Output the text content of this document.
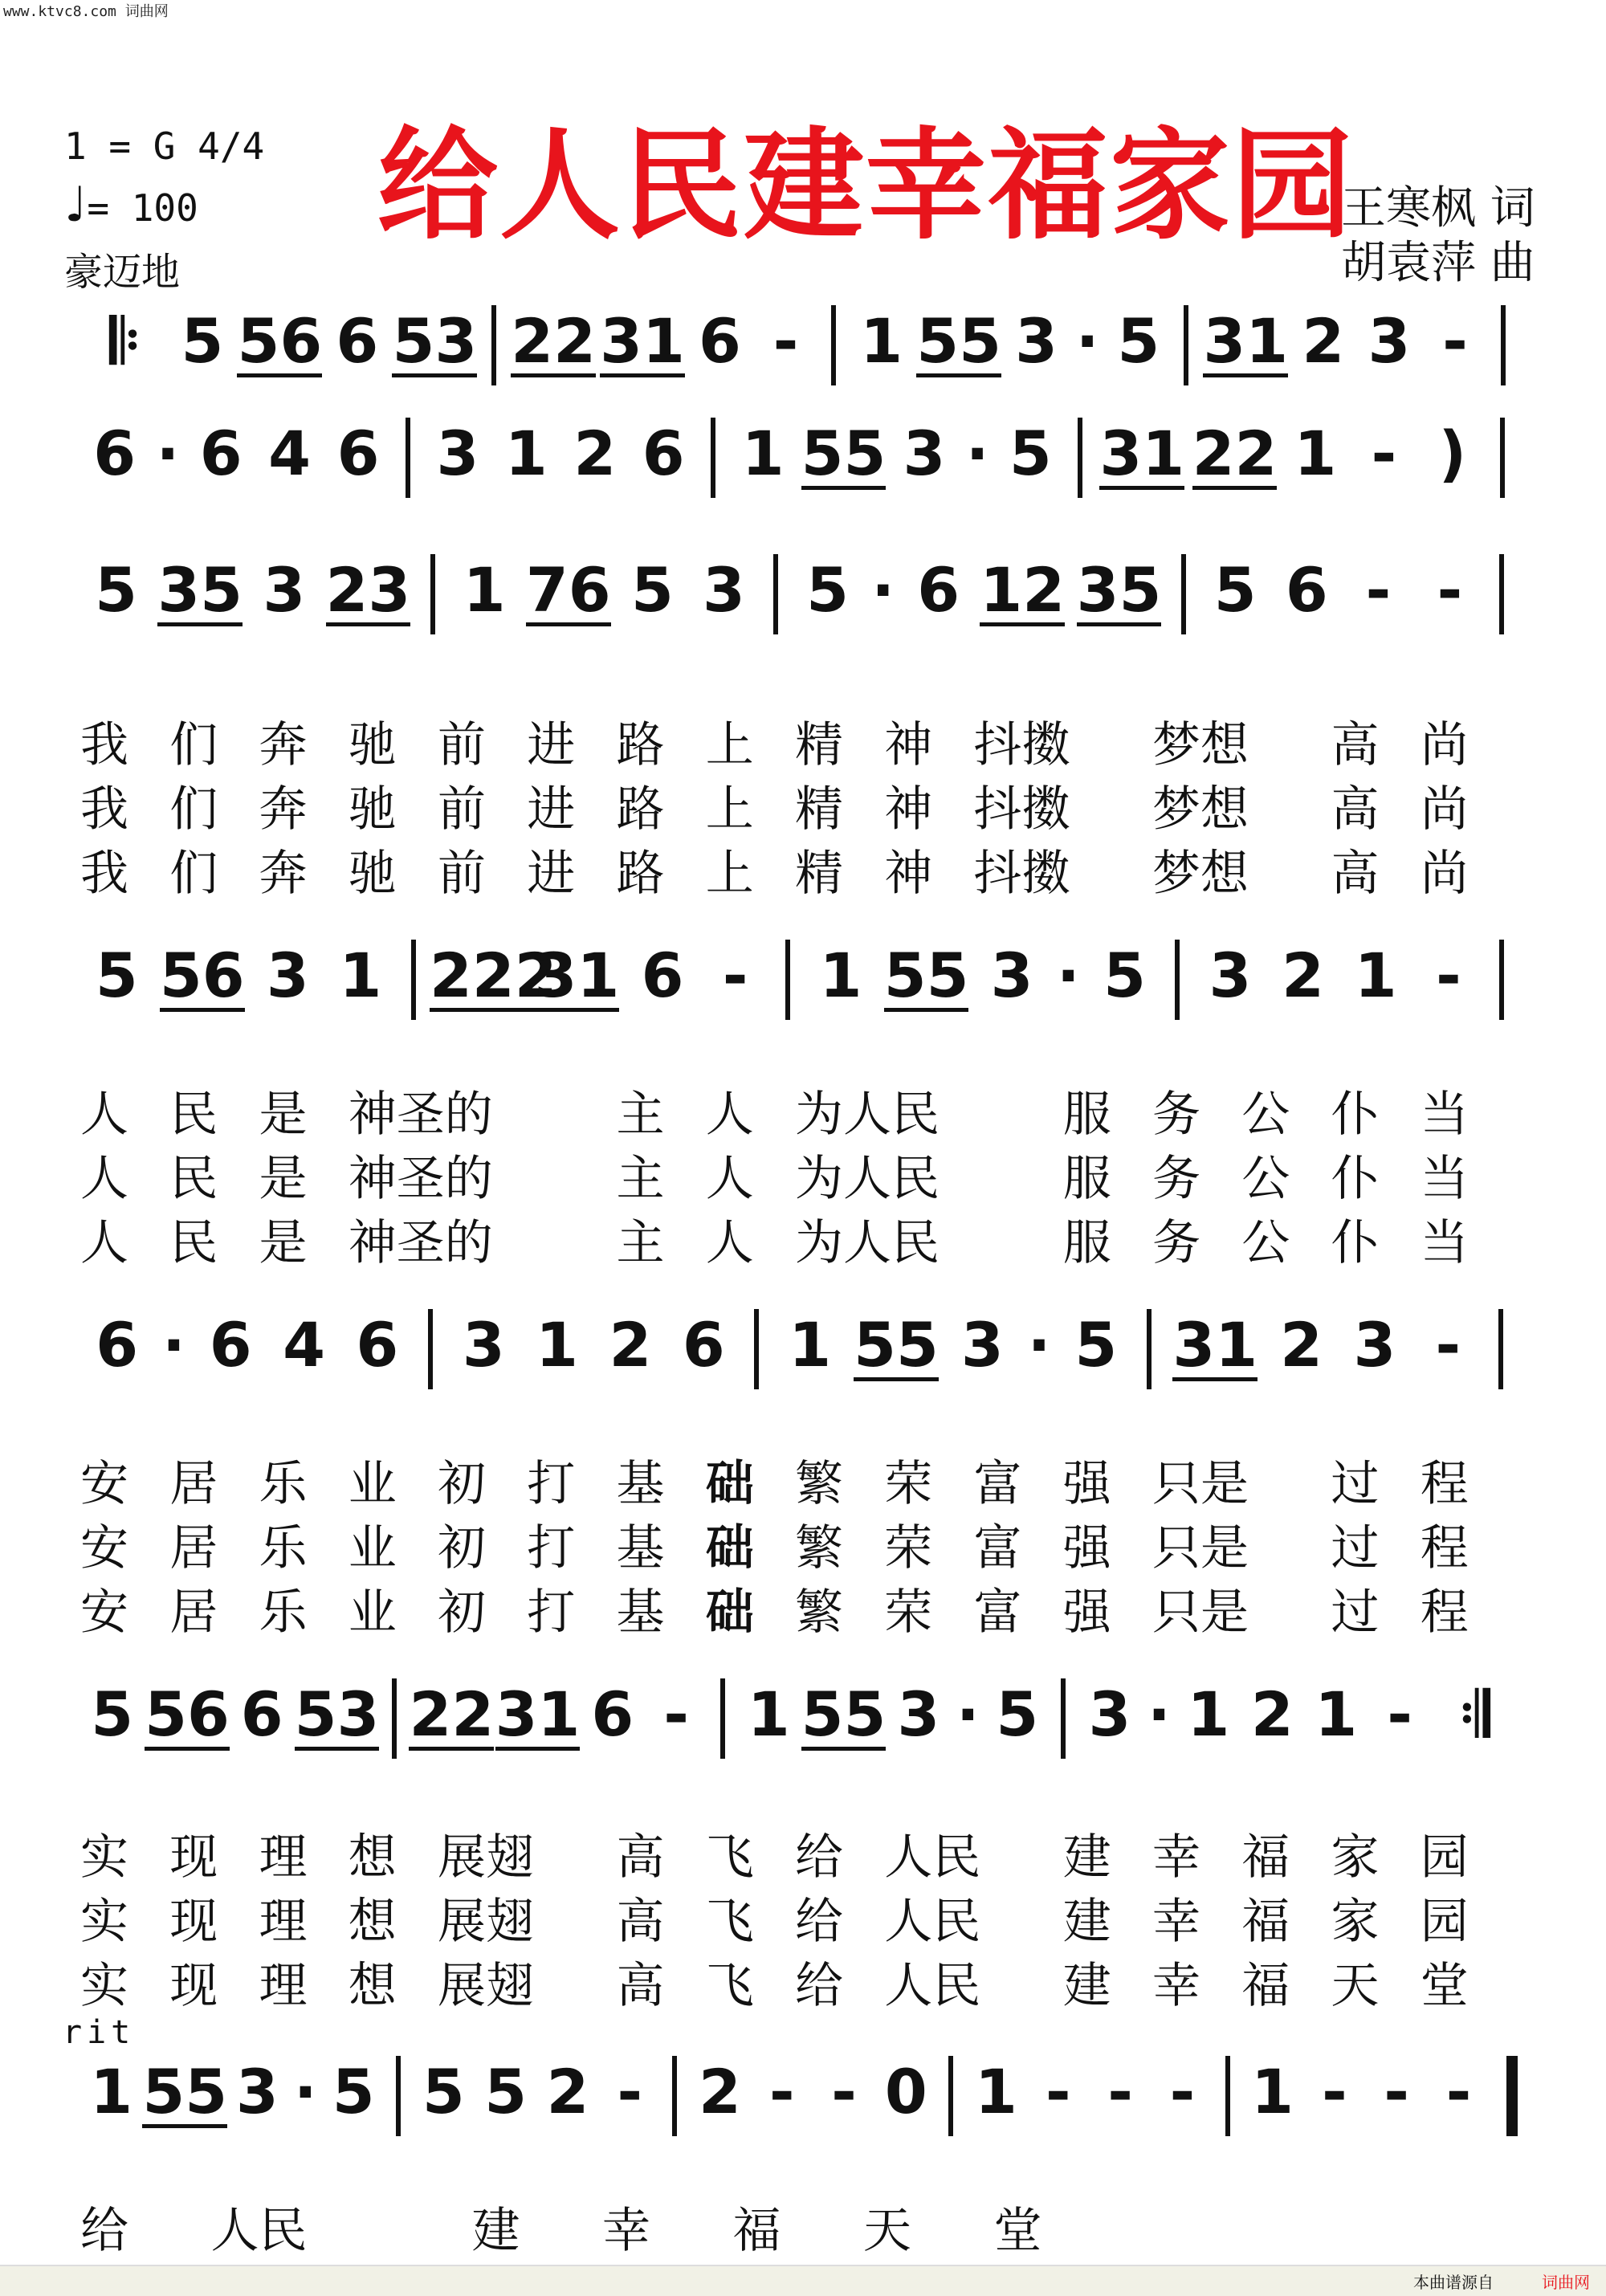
www.ktvc8.com 词曲网
1 = G 4/4
♩= 100
豪迈地
给人民建幸福家园
王寒枫 词
胡袁萍 曲
𝄆 5 56 6 53 22 31 6 -	1 55 3 · 5 31 2 3 -
6 · 6 4 6 3 1 2 6 1 55 3 · 5 31 22 1 - )
5 35 3 23 1 76 5 3 5 · 6 12 35 5 6 - -
5 56 3 1 222
31 6 -	1 55 3 · 5 3 2 1 -
6 · 6 4 6 3 1 2 6 1 55 3 · 5 31 2 3 -
5 56 6 53 22 31 6 - 1 55 3 · 5 3 · 1 2 1 - 𝄇
1 55 3 · 5 5 5 2 - 2 - - 0 1 - - - 1 - - -
我 们 奔 驰 前 进 路 上 精 神 抖擞 梦想 高 尚
我 们 奔 驰 前 进 路 上 精 神 抖擞 梦想 高 尚
我 们 奔 驰 前 进 路 上 精 神 抖擞 梦想 高 尚
人 民 是 神圣的	主 人 为人民	服 务 公 仆 当
人 民 是 神圣的	主 人 为人民	服 务 公 仆 当
人 民 是 神圣的	主 人 为人民	服 务 公 仆 当
安 居 乐 业 初 打 基 础 繁 荣 富 强 只是 过 程
安 居 乐 业 初 打 基 础 繁 荣 富 强 只是 过 程
安 居 乐 业 初 打 基 础 繁 荣 富 强 只是 过 程
实 现 理 想 展翅 高 飞 给 人民 建 幸 福 家 园
实 现 理 想 展翅 高 飞 给 人民 建 幸 福 家 园
实 现 理 想 展翅 高 飞 给 人民 建 幸 福 天 堂
给 人民	建 幸 福 天 堂
rit
本曲谱源自	词曲网
